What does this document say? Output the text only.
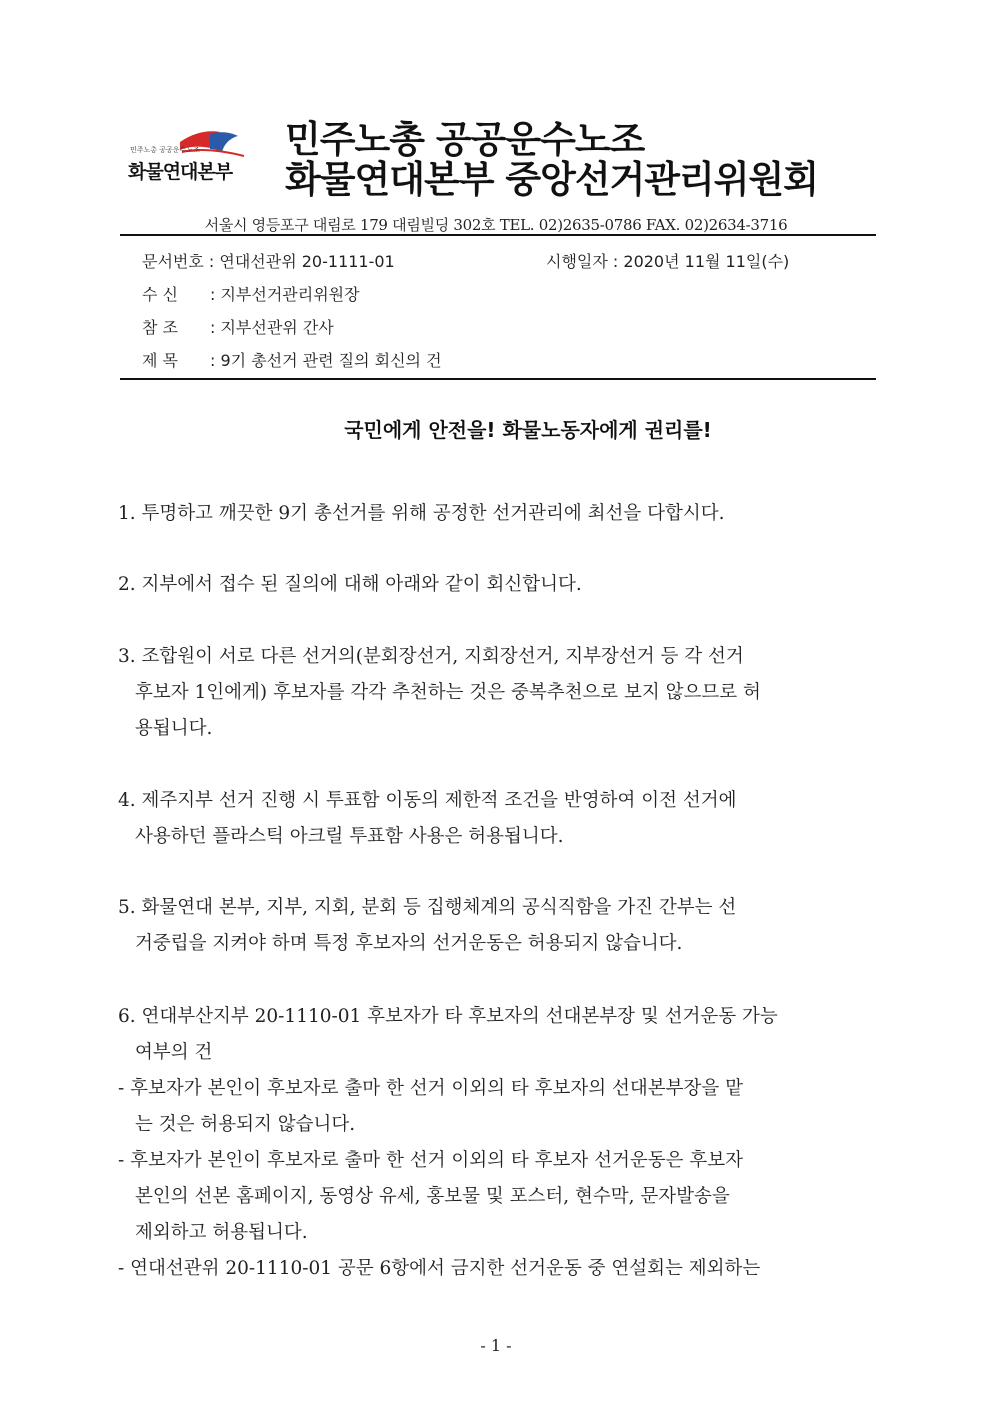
민주노총 공공운수노조
화물연대본부
민주노총 공공운수노조
화물연대본부 중앙선거관리위원회
서울시 영등포구 대림로 179 대림빌딩 302호 TEL. 02)2635-0786 FAX. 02)2634-3716
문서번호 : 연대선관위 20-1111-01	시행일자 : 2020년 11월 11일(수)
수 신 : 지부선거관리위원장
참 조 : 지부선관위 간사
제 목 : 9기 총선거 관련 질의 회신의 건
국민에게 안전을! 화물노동자에게 권리를!
1. 투명하고 깨끗한 9기 총선거를 위해 공정한 선거관리에 최선을 다합시다.
2. 지부에서 접수 된 질의에 대해 아래와 같이 회신합니다.
3. 조합원이 서로 다른 선거의(분회장선거, 지회장선거, 지부장선거 등 각 선거
후보자 1인에게) 후보자를 각각 추천하는 것은 중복추천으로 보지 않으므로 허
용됩니다.
4. 제주지부 선거 진행 시 투표함 이동의 제한적 조건을 반영하여 이전 선거에
사용하던 플라스틱 아크릴 투표함 사용은 허용됩니다.
5. 화물연대 본부, 지부, 지회, 분회 등 집행체계의 공식직함을 가진 간부는 선
거중립을 지켜야 하며 특정 후보자의 선거운동은 허용되지 않습니다.
6. 연대부산지부 20-1110-01 후보자가 타 후보자의 선대본부장 및 선거운동 가능
여부의 건
- 후보자가 본인이 후보자로 출마 한 선거 이외의 타 후보자의 선대본부장을 맡
는 것은 허용되지 않습니다.
- 후보자가 본인이 후보자로 출마 한 선거 이외의 타 후보자 선거운동은 후보자
본인의 선본 홈페이지, 동영상 유세, 홍보물 및 포스터, 현수막, 문자발송을
제외하고 허용됩니다.
- 연대선관위 20-1110-01 공문 6항에서 금지한 선거운동 중 연설회는 제외하는
- 1 -
